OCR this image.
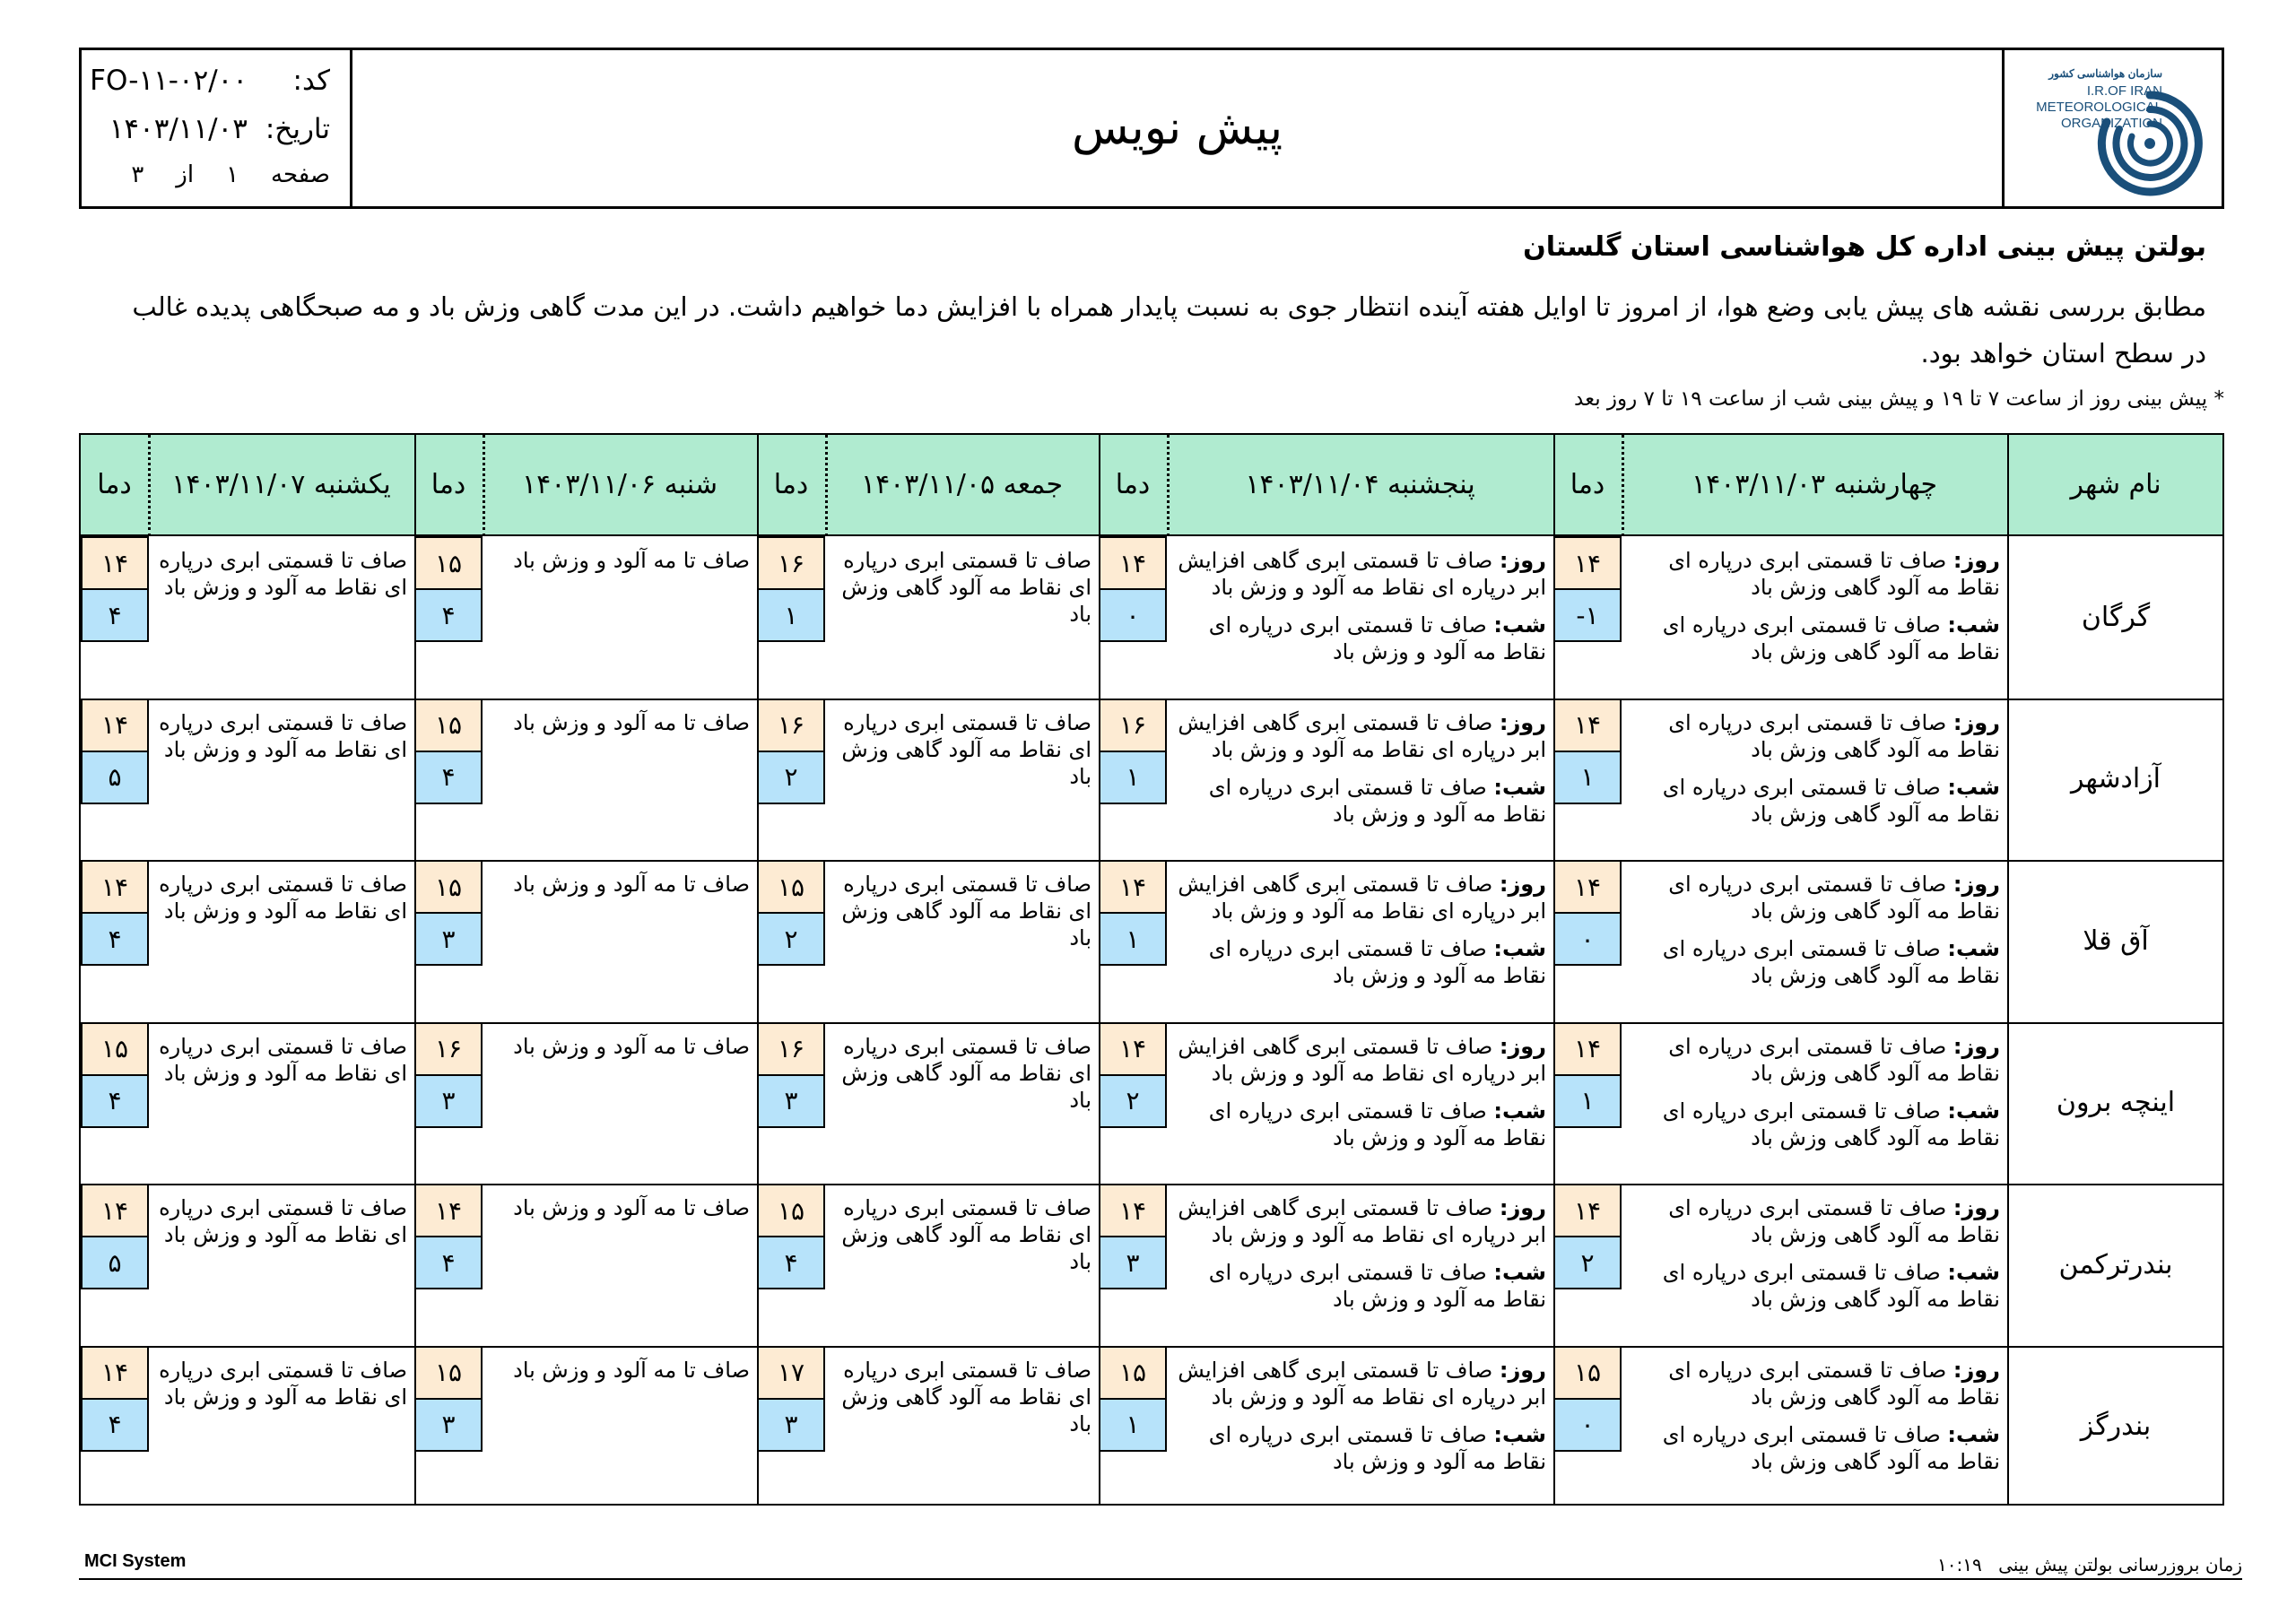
کد:
FO-۱۱-۰۲/۰۰
تاریخ:
۱۴۰۳/۱۱/۰۳
صفحه
۱
از
۳
پیش نویس
سازمان هواشناسی کشور
I.R.OF IRAN
METEOROLOGICAL
ORGANIZATION
بولتن پیش بینی اداره کل هواشناسی استان گلستان
مطابق بررسی نقشه های پیش یابی وضع هوا، از امروز تا اوایل هفته آینده انتظار جوی به نسبت پایدار همراه با افزایش دما خواهیم داشت. در این مدت گاهی وزش باد و مه صبحگاهی پدیده غالب در سطح استان خواهد بود.
* پیش بینی روز از ساعت ۷ تا ۱۹ و پیش بینی شب از ساعت ۱۹ تا ۷ روز بعد
نام شهر
چهارشنبه ۱۴۰۳/۱۱/۰۳
دما
پنجشنبه ۱۴۰۳/۱۱/۰۴
دما
جمعه ۱۴۰۳/۱۱/۰۵
دما
شنبه ۱۴۰۳/۱۱/۰۶
دما
یکشنبه ۱۴۰۳/۱۱/۰۷
دما
گرگان
روز: صاف تا قسمتی ابری درپاره ای نقاط مه آلود گاهی وزش باد
شب: صاف تا قسمتی ابری درپاره ای نقاط مه آلود گاهی وزش باد
۱۴
-۱
روز: صاف تا قسمتی ابری گاهی افزایش ابر درپاره ای نقاط مه آلود و وزش باد
شب: صاف تا قسمتی ابری درپاره ای نقاط مه آلود و وزش باد
۱۴
۰
صاف تا قسمتی ابری درپاره ای نقاط مه آلود گاهی وزش باد
۱۶
۱
صاف تا مه آلود و وزش باد
۱۵
۴
صاف تا قسمتی ابری درپاره ای نقاط مه آلود و وزش باد
۱۴
۴
آزادشهر
روز: صاف تا قسمتی ابری درپاره ای نقاط مه آلود گاهی وزش باد
شب: صاف تا قسمتی ابری درپاره ای نقاط مه آلود گاهی وزش باد
۱۴
۱
روز: صاف تا قسمتی ابری گاهی افزایش ابر درپاره ای نقاط مه آلود و وزش باد
شب: صاف تا قسمتی ابری درپاره ای نقاط مه آلود و وزش باد
۱۶
۱
صاف تا قسمتی ابری درپاره ای نقاط مه آلود گاهی وزش باد
۱۶
۲
صاف تا مه آلود و وزش باد
۱۵
۴
صاف تا قسمتی ابری درپاره ای نقاط مه آلود و وزش باد
۱۴
۵
آق قلا
روز: صاف تا قسمتی ابری درپاره ای نقاط مه آلود گاهی وزش باد
شب: صاف تا قسمتی ابری درپاره ای نقاط مه آلود گاهی وزش باد
۱۴
۰
روز: صاف تا قسمتی ابری گاهی افزایش ابر درپاره ای نقاط مه آلود و وزش باد
شب: صاف تا قسمتی ابری درپاره ای نقاط مه آلود و وزش باد
۱۴
۱
صاف تا قسمتی ابری درپاره ای نقاط مه آلود گاهی وزش باد
۱۵
۲
صاف تا مه آلود و وزش باد
۱۵
۳
صاف تا قسمتی ابری درپاره ای نقاط مه آلود و وزش باد
۱۴
۴
اینچه برون
روز: صاف تا قسمتی ابری درپاره ای نقاط مه آلود گاهی وزش باد
شب: صاف تا قسمتی ابری درپاره ای نقاط مه آلود گاهی وزش باد
۱۴
۱
روز: صاف تا قسمتی ابری گاهی افزایش ابر درپاره ای نقاط مه آلود و وزش باد
شب: صاف تا قسمتی ابری درپاره ای نقاط مه آلود و وزش باد
۱۴
۲
صاف تا قسمتی ابری درپاره ای نقاط مه آلود گاهی وزش باد
۱۶
۳
صاف تا مه آلود و وزش باد
۱۶
۳
صاف تا قسمتی ابری درپاره ای نقاط مه آلود و وزش باد
۱۵
۴
بندرترکمن
روز: صاف تا قسمتی ابری درپاره ای نقاط مه آلود گاهی وزش باد
شب: صاف تا قسمتی ابری درپاره ای نقاط مه آلود گاهی وزش باد
۱۴
۲
روز: صاف تا قسمتی ابری گاهی افزایش ابر درپاره ای نقاط مه آلود و وزش باد
شب: صاف تا قسمتی ابری درپاره ای نقاط مه آلود و وزش باد
۱۴
۳
صاف تا قسمتی ابری درپاره ای نقاط مه آلود گاهی وزش باد
۱۵
۴
صاف تا مه آلود و وزش باد
۱۴
۴
صاف تا قسمتی ابری درپاره ای نقاط مه آلود و وزش باد
۱۴
۵
بندرگز
روز: صاف تا قسمتی ابری درپاره ای نقاط مه آلود گاهی وزش باد
شب: صاف تا قسمتی ابری درپاره ای نقاط مه آلود گاهی وزش باد
۱۵
۰
روز: صاف تا قسمتی ابری گاهی افزایش ابر درپاره ای نقاط مه آلود و وزش باد
شب: صاف تا قسمتی ابری درپاره ای نقاط مه آلود و وزش باد
۱۵
۱
صاف تا قسمتی ابری درپاره ای نقاط مه آلود گاهی وزش باد
۱۷
۳
صاف تا مه آلود و وزش باد
۱۵
۳
صاف تا قسمتی ابری درپاره ای نقاط مه آلود و وزش باد
۱۴
۴
MCI System	زمان بروزرسانی بولتن پیش بینی ۱۰:۱۹
